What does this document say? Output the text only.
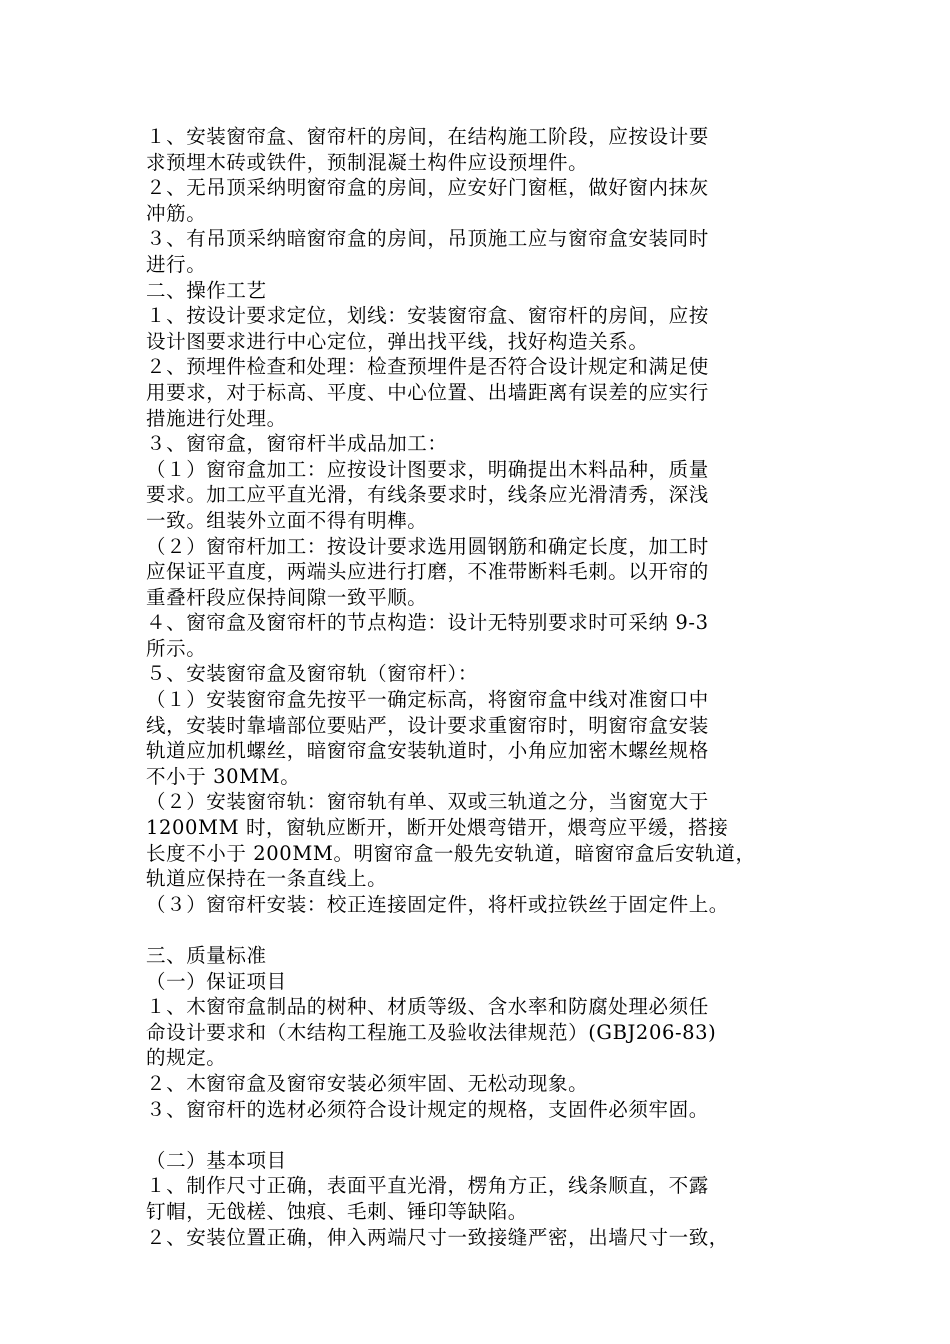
１、安装窗帘盒、窗帘杆的房间，在结构施工阶段，应按设计要
求预埋木砖或铁件，预制混凝土构件应设预埋件。
２、无吊顶采纳明窗帘盒的房间，应安好门窗框，做好窗内抹灰
冲筋。
３、有吊顶采纳暗窗帘盒的房间，吊顶施工应与窗帘盒安装同时
进行。
二、操作工艺
１、按设计要求定位，划线：安装窗帘盒、窗帘杆的房间，应按
设计图要求进行中心定位，弹出找平线，找好构造关系。
２、预埋件检查和处理：检查预埋件是否符合设计规定和满足使
用要求，对于标高、平度、中心位置、出墙距离有误差的应实行
措施进行处理。
３、窗帘盒，窗帘杆半成品加工：
（１）窗帘盒加工：应按设计图要求，明确提出木料品种，质量
要求。加工应平直光滑，有线条要求时，线条应光滑清秀，深浅
一致。组装外立面不得有明榫。
（２）窗帘杆加工：按设计要求选用圆钢筋和确定长度，加工时
应保证平直度，两端头应进行打磨，不准带断料毛刺。以开帘的
重叠杆段应保持间隙一致平顺。
４、窗帘盒及窗帘杆的节点构造：设计无特别要求时可采纳 9-3
所示。
５、安装窗帘盒及窗帘轨（窗帘杆）：
（１）安装窗帘盒先按平一确定标高，将窗帘盒中线对准窗口中
线，安装时靠墙部位要贴严，设计要求重窗帘时，明窗帘盒安装
轨道应加机螺丝，暗窗帘盒安装轨道时，小角应加密木螺丝规格
不小于 30MM。
（２）安装窗帘轨：窗帘轨有单、双或三轨道之分，当窗宽大于
1200MM 时，窗轨应断开，断开处煨弯错开，煨弯应平缓，搭接
长度不小于 200MM。明窗帘盒一般先安轨道，暗窗帘盒后安轨道，
轨道应保持在一条直线上。
（３）窗帘杆安装：校正连接固定件，将杆或拉铁丝于固定件上。
三、质量标准
（一）保证项目
１、木窗帘盒制品的树种、材质等级、含水率和防腐处理必须任
命设计要求和（木结构工程施工及验收法律规范）(GBJ206-83)
的规定。
２、木窗帘盒及窗帘安装必须牢固、无松动现象。
３、窗帘杆的选材必须符合设计规定的规格，支固件必须牢固。
（二）基本项目
１、制作尺寸正确，表面平直光滑，楞角方正，线条顺直，不露
钉帽，无戗槎、蚀痕、毛刺、锤印等缺陷。
２、安装位置正确，伸入两端尺寸一致接缝严密，出墙尺寸一致，
